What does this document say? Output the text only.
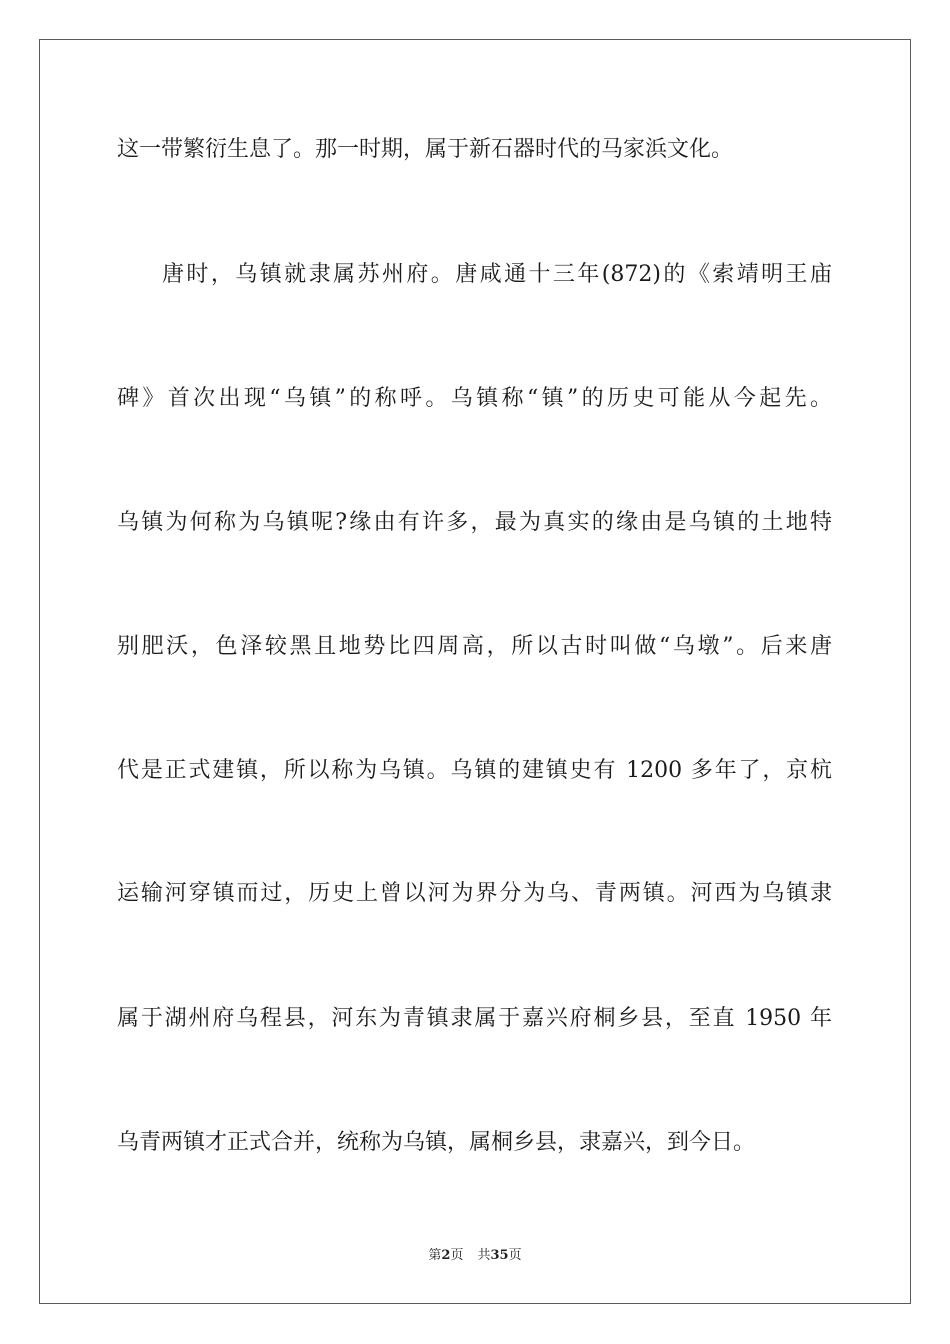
这一带繁衍生息了。那一时期，属于新石器时代的马家浜文化。

唐时，乌镇就隶属苏州府。唐咸通十三年(872)的《索靖明王庙

碑》首次出现“乌镇”的称呼。乌镇称“镇”的历史可能从今起先。

乌镇为何称为乌镇呢?缘由有许多，最为真实的缘由是乌镇的土地特

别肥沃，色泽较黑且地势比四周高，所以古时叫做“乌墩”。后来唐

代是正式建镇，所以称为乌镇。乌镇的建镇史有 1200 多年了，京杭

运输河穿镇而过，历史上曾以河为界分为乌、青两镇。河西为乌镇隶

属于湖州府乌程县，河东为青镇隶属于嘉兴府桐乡县，至直 1950 年

乌青两镇才正式合并，统称为乌镇，属桐乡县，隶嘉兴，到今日。

第2页 共35页
